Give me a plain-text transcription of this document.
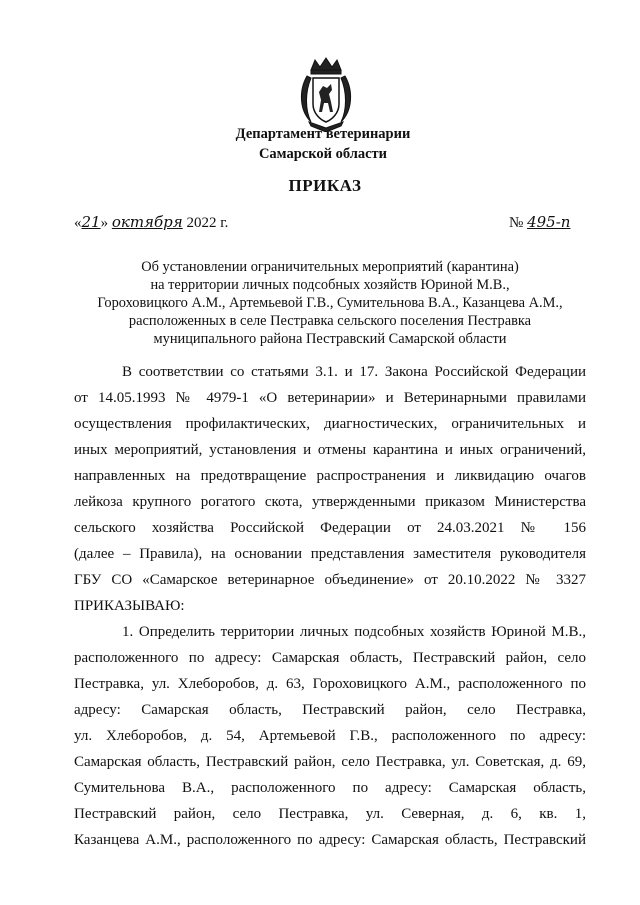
Департамент ветеринарии
Самарской области
ПРИКАЗ
«21» октября 2022 г.	№ 495-п
Об установлении ограничительных мероприятий (карантина)
на территории личных подсобных хозяйств Юриной М.В.,
Гороховицкого А.М., Артемьевой Г.В., Сумительнова В.А., Казанцева А.М.,
расположенных в селе Пестравка сельского поселения Пестравка
муниципального района Пестравский Самарской области
В соответствии со статьями 3.1. и 17. Закона Российской Федерации
от 14.05.1993 № 4979-1 «О ветеринарии» и Ветеринарными правилами
осуществления профилактических, диагностических, ограничительных и
иных мероприятий, установления и отмены карантина и иных ограничений,
направленных на предотвращение распространения и ликвидацию очагов
лейкоза крупного рогатого скота, утвержденными приказом Министерства
сельского хозяйства Российской Федерации от 24.03.2021 № 156
(далее – Правила), на основании представления заместителя руководителя
ГБУ СО «Самарское ветеринарное объединение» от 20.10.2022 № 3327
ПРИКАЗЫВАЮ:
1. Определить территории личных подсобных хозяйств Юриной М.В.,
расположенного по адресу: Самарская область, Пестравский район, село
Пестравка, ул. Хлеборобов, д. 63, Гороховицкого А.М., расположенного по
адресу: Самарская область, Пестравский район, село Пестравка,
ул. Хлеборобов, д. 54, Артемьевой Г.В., расположенного по адресу:
Самарская область, Пестравский район, село Пестравка, ул. Советская, д. 69,
Сумительнова В.А., расположенного по адресу: Самарская область,
Пестравский район, село Пестравка, ул. Северная, д. 6, кв. 1,
Казанцева А.М., расположенного по адресу: Самарская область, Пестравский
